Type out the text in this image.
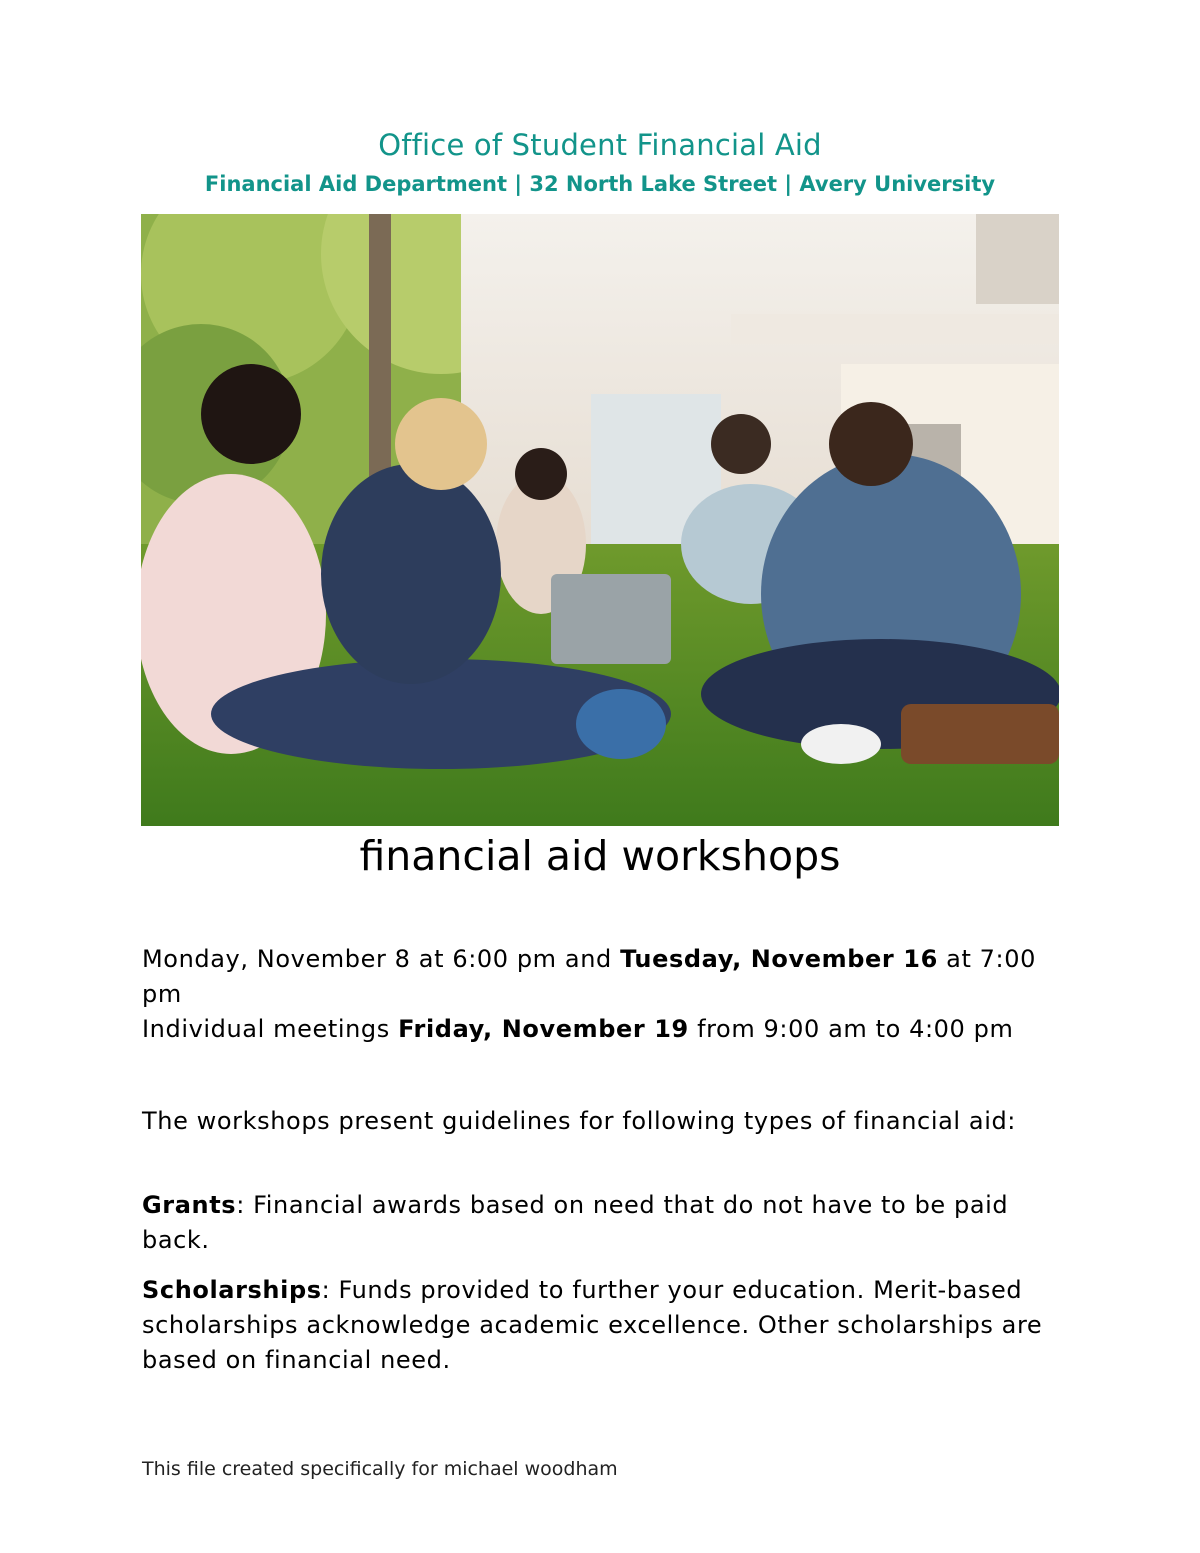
Office of Student Financial Aid
Financial Aid Department | 32 North Lake Street | Avery University
financial aid workshops

Monday, November 8 at 6:00 pm and Tuesday, November 16 at 7:00 pm

Individual meetings Friday, November 19 from 9:00 am to 4:00 pm

The workshops present guidelines for following types of financial aid:
Grants: Financial awards based on need that do not have to be paid back.
Scholarships: Funds provided to further your education. Merit-based scholarships acknowledge academic excellence. Other scholarships are based on financial need.
This file created specifically for michael woodham
